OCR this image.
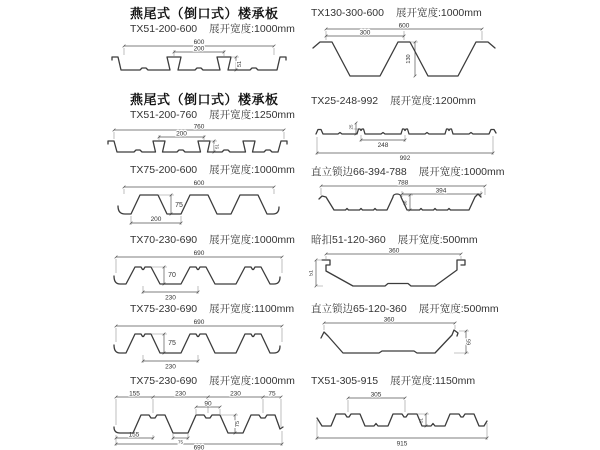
燕尾式（倒口式）楼承板
TX51-200-600 展开宽度:1000mm
600
200
51
燕尾式（倒口式）楼承板
TX51-200-760 展开宽度:1250mm
760
200
51
TX75-200-600 展开宽度:1000mm
600
75
200
TX70-230-690 展开宽度:1000mm
690
70
230
TX75-230-690 展开宽度:1100mm
690
75
230
TX75-230-690 展开宽度:1000mm
155	230	230	75
90
75
155
75
690
TX130-300-600 展开宽度:1000mm
600
300
130
TX25-248-992 展开宽度:1200mm
25
248
992
直立锁边66-394-788 展开宽度:1000mm
788
394
66
暗扣51-120-360 展开宽度:500mm
360
51
直立锁边65-120-360 展开宽度:500mm
360
65
TX51-305-915 展开宽度:1150mm
305
51
915
